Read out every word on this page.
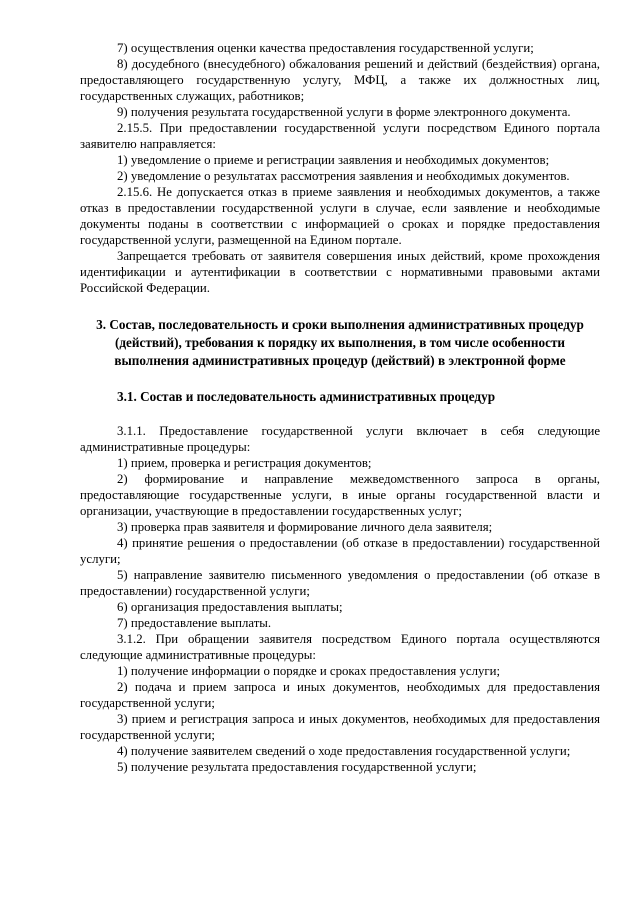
7) осуществления оценки качества предоставления государственной услуги;

8) досудебного (внесудебного) обжалования решений и действий (бездействия) органа, предоставляющего государственную услугу, МФЦ, а также их должностных лиц, государственных служащих, работников;

9) получения результата государственной услуги в форме электронного документа.

2.15.5. При предоставлении государственной услуги посредством Единого портала заявителю направляется:

1) уведомление о приеме и регистрации заявления и необходимых документов;

2) уведомление о результатах рассмотрения заявления и необходимых документов.

2.15.6. Не допускается отказ в приеме заявления и необходимых документов, а также отказ в предоставлении государственной услуги в случае, если заявление и необходимые документы поданы в соответствии с информацией о сроках и порядке предоставления государственной услуги, размещенной на Едином портале.

Запрещается требовать от заявителя совершения иных действий, кроме прохождения идентификации и аутентификации в соответствии с нормативными правовыми актами Российской Федерации.

3. Состав, последовательность и сроки выполнения административных процедур (действий), требования к порядку их выполнения, в том числе особенности выполнения административных процедур (действий) в электронной форме
3.1. Состав и последовательность административных процедур

3.1.1. Предоставление государственной услуги включает в себя следующие административные процедуры:

1) прием, проверка и регистрация документов;

2) формирование и направление межведомственного запроса в органы, предоставляющие государственные услуги, в иные органы государственной власти и организации, участвующие в предоставлении государственных услуг;

3) проверка прав заявителя и формирование личного дела заявителя;

4) принятие решения о предоставлении (об отказе в предоставлении) государственной услуги;

5) направление заявителю письменного уведомления о предоставлении (об отказе в предоставлении) государственной услуги;

6) организация предоставления выплаты;

7) предоставление выплаты.

3.1.2. При обращении заявителя посредством Единого портала осуществляются следующие административные процедуры:

1) получение информации о порядке и сроках предоставления услуги;

2) подача и прием запроса и иных документов, необходимых для предоставления государственной услуги;

3) прием и регистрация запроса и иных документов, необходимых для предоставления государственной услуги;

4) получение заявителем сведений о ходе предоставления государственной услуги;

5) получение результата предоставления государственной услуги;
